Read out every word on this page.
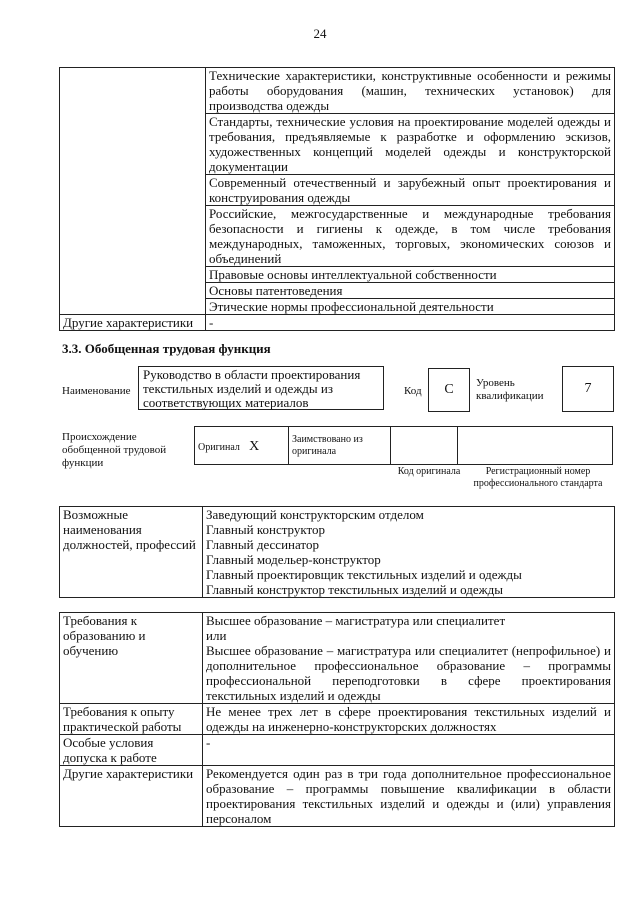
24
	Технические характеристики, конструктивные особенности и режимы работы оборудования (машин, технических установок) для производства одежды
	Стандарты, технические условия на проектирование моделей одежды и требования, предъявляемые к разработке и оформлению эскизов, художественных концепций моделей одежды и конструкторской документации
	Современный отечественный и зарубежный опыт проектирования и конструирования одежды
	Российские, межгосударственные и международные требования безопасности и гигиены к одежде, в том числе требования международных, таможенных, торговых, экономических союзов и объединений
	Правовые основы интеллектуальной собственности
	Основы патентоведения
	Этические нормы профессиональной деятельности
Другие характеристики	-
3.3. Обобщенная трудовая функция
Наименование
Руководство в области проектирования текстильных изделий и одежды из соответствующих материалов
Код	C	Уровень квалификации	7
Происхождение обобщенной трудовой функции
Оригинал X	Заимствовано из оригинала		
Код оригинала	Регистрационный номер профессионального стандарта
Возможные наименования должностей, профессий	
Заведующий конструкторским отделом
Главный конструктор
Главный дессинатор
Главный модельер-конструктор
Главный проектировщик текстильных изделий и одежды
Главный конструктор текстильных изделий и одежды
Требования к образованию и обучению	Высшее образование – магистратура или специалитет
или
Высшее образование – магистратура или специалитет (непрофильное) и дополнительное профессиональное образование – программы профессиональной переподготовки в сфере проектирования текстильных изделий и одежды

Требования к опыту практической работы	Не менее трех лет в сфере проектирования текстильных изделий и одежды на инженерно-конструкторских должностях
Особые условия допуска к работе	-
Другие характеристики	Рекомендуется один раз в три года дополнительное профессиональное образование – программы повышение квалификации в области проектирования текстильных изделий и одежды и (или) управления персоналом
